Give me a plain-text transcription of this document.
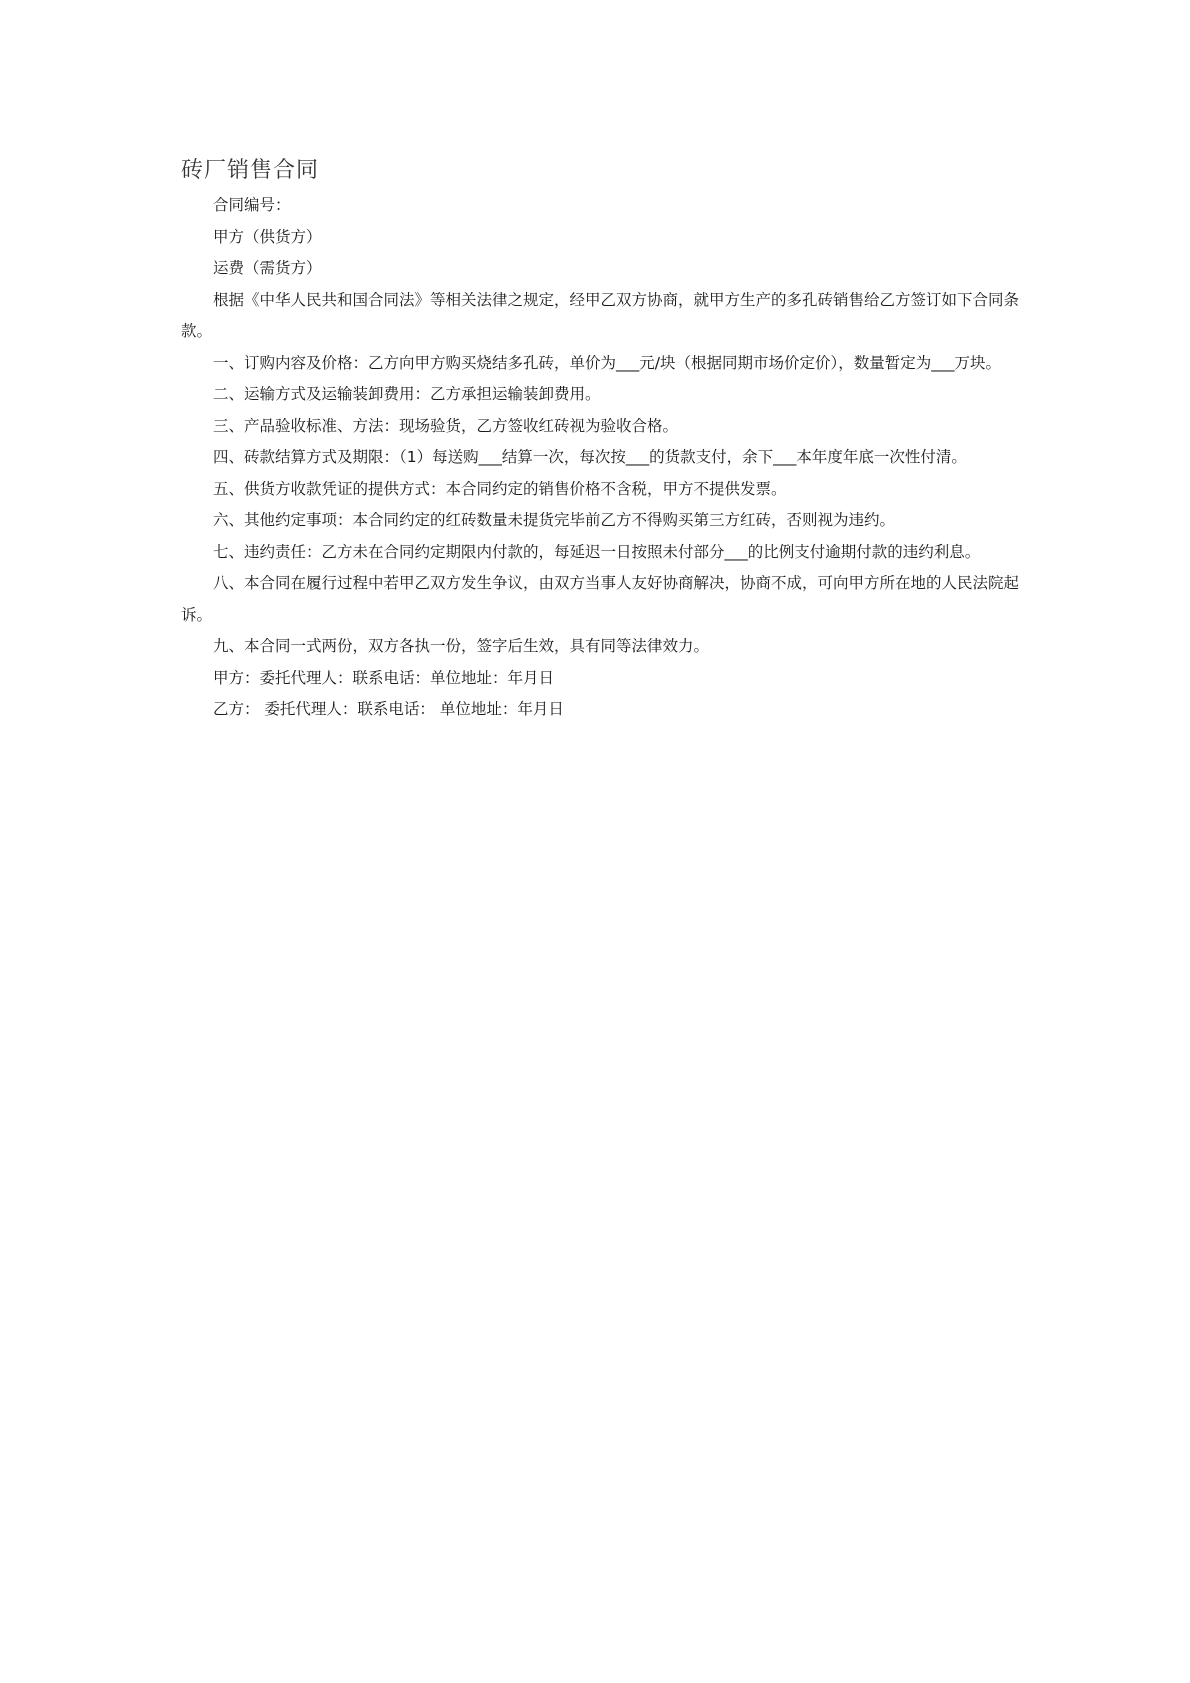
砖厂销售合同

合同编号：

甲方（供货方）

运费（需货方）

根据《中华人民共和国合同法》等相关法律之规定，经甲乙双方协商，就甲方生产的多孔砖销售给乙方签订如下合同条款。

一、订购内容及价格：乙方向甲方购买烧结多孔砖，单价为___元/块（根据同期市场价定价），数量暂定为___万块。

二、运输方式及运输装卸费用：乙方承担运输装卸费用。

三、产品验收标准、方法：现场验货，乙方签收红砖视为验收合格。

四、砖款结算方式及期限：（1）每送购___结算一次，每次按___的货款支付，余下___本年度年底一次性付清。

五、供货方收款凭证的提供方式：本合同约定的销售价格不含税，甲方不提供发票。

六、其他约定事项：本合同约定的红砖数量未提货完毕前乙方不得购买第三方红砖，否则视为违约。

七、违约责任：乙方未在合同约定期限内付款的，每延迟一日按照未付部分___的比例支付逾期付款的违约利息。

八、本合同在履行过程中若甲乙双方发生争议，由双方当事人友好协商解决，协商不成，可向甲方所在地的人民法院起诉。

九、本合同一式两份，双方各执一份，签字后生效，具有同等法律效力。

甲方：委托代理人：联系电话：单位地址：年月日

乙方： 委托代理人：联系电话： 单位地址：年月日
